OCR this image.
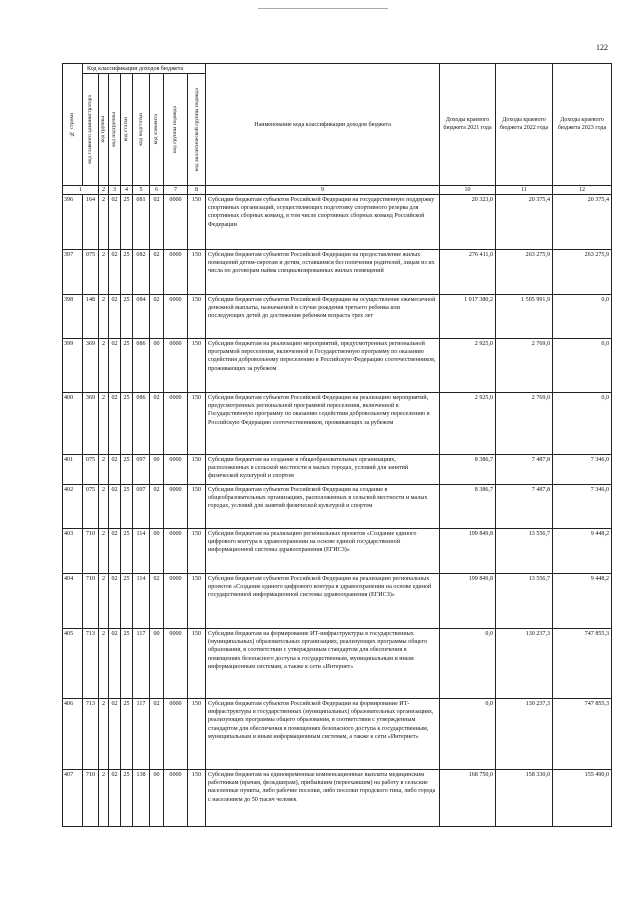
122
№ строки	Код классификации доходов бюджета								Наименование кода классификации доходов бюджета	Доходы краевого бюджета 2021 года	Доходы краевого бюджета 2022 года	Доходы краевого бюджета 2023 года

	код главного администратора	код группы	код подгруппы	код статьи	код подстатьи	код элемента	код группы подвида	код аналитической группы подвида				

1		2	3	4	5	6	7	8	9	10	11	12
396	164	2	02	25	081	02	0000	150	Субсидии бюджетам субъектов Российской Федерации на государственную поддержку спортивных организаций, осуществляющих подготовку спортивного резерва для спортивных сборных команд, в том числе спортивных сборных команд Российской Федерации	20 323,0	20 375,4	20 375,4
397	075	2	02	25	082	02	0000	150	Субсидии бюджетам субъектов Российской Федерации на предоставление жилых помещений детям-сиротам и детям, оставшимся без попечения родителей, лицам из их числа по договорам найма специализированных жилых помещений	276 411,0	263 275,9	263 275,9
398	148	2	02	25	084	02	0000	150	Субсидии бюджетам субъектов Российской Федерации на осуществление ежемесячной денежной выплаты, назначаемой в случае рождения третьего ребенка или последующих детей до достижения ребенком возраста трех лет	1 017 380,2	1 505 991,9	0,0
399	369	2	02	25	086	00	0000	150	Субсидии бюджетам на реализацию мероприятий, предусмотренных региональной программой переселения, включенной в Государственную программу по оказанию содействия добровольному переселению в Российскую Федерацию соотечественников, проживающих за рубежом	2 925,0	2 769,0	0,0
400	369	2	02	25	086	02	0000	150	Субсидии бюджетам субъектов Российской Федерации на реализацию мероприятий, предусмотренных региональной программой переселения, включенной в Государственную программу по оказанию содействия добровольному переселению в Российскую Федерацию соотечественников, проживающих за рубежом	2 925,0	2 769,0	0,0
401	075	2	02	25	097	00	0000	150	Субсидии бюджетам на создание в общеобразовательных организациях, расположенных в сельской местности и малых городах, условий для занятий физической культурой и спортом	8 386,7	7 487,8	7 346,0
402	075	2	02	25	097	02	0000	150	Субсидии бюджетам субъектов Российской Федерации на создание в общеобразовательных организациях, расположенных в сельской местности и малых городах, условий для занятий физической культурой и спортом	8 386,7	7 487,8	7 346,0
403	710	2	02	25	114	00	0000	150	Субсидии бюджетам на реализацию региональных проектов «Создание единого цифрового контура в здравоохранении на основе единой государственной информационной системы здравоохранения (ЕГИСЗ)»	199 849,8	13 556,7	9 448,2
404	710	2	02	25	114	02	0000	150	Субсидии бюджетам субъектов Российской Федерации на реализацию региональных проектов «Создание единого цифрового контура в здравоохранении на основе единой государственной информационной системы здравоохранения (ЕГИСЗ)»	199 849,8	13 556,7	9 448,2
405	713	2	02	25	117	00	0000	150	Субсидии бюджетам на формирование ИТ-инфраструктуры в государственных (муниципальных) образовательных организациях, реализующих программы общего образования, в соответствии с утвержденным стандартом для обеспечения в помещениях безопасного доступа к государственным, муниципальным и иным информационным системам, а также к сети «Интернет»	0,0	130 237,3	747 855,3
406	713	2	02	25	117	02	0000	150	Субсидии бюджетам субъектов Российской Федерации на формирование ИТ-инфраструктуры в государственных (муниципальных) образовательных организациях, реализующих программы общего образования, в соответствии с утвержденным стандартом для обеспечения в помещениях безопасного доступа к государственным, муниципальным и иным информационным системам, а также к сети «Интернет»	0,0	130 237,3	747 855,3
407	710	2	02	25	138	00	0000	150	Субсидии бюджетам на единовременные компенсационные выплаты медицинским работникам (врачам, фельдшерам), прибывшим (переехавшим) на работу в сельские населенные пункты, либо рабочие поселки, либо поселки городского типа, либо города с населением до 50 тысяч человек	168 750,0	158 330,0	155 490,0
